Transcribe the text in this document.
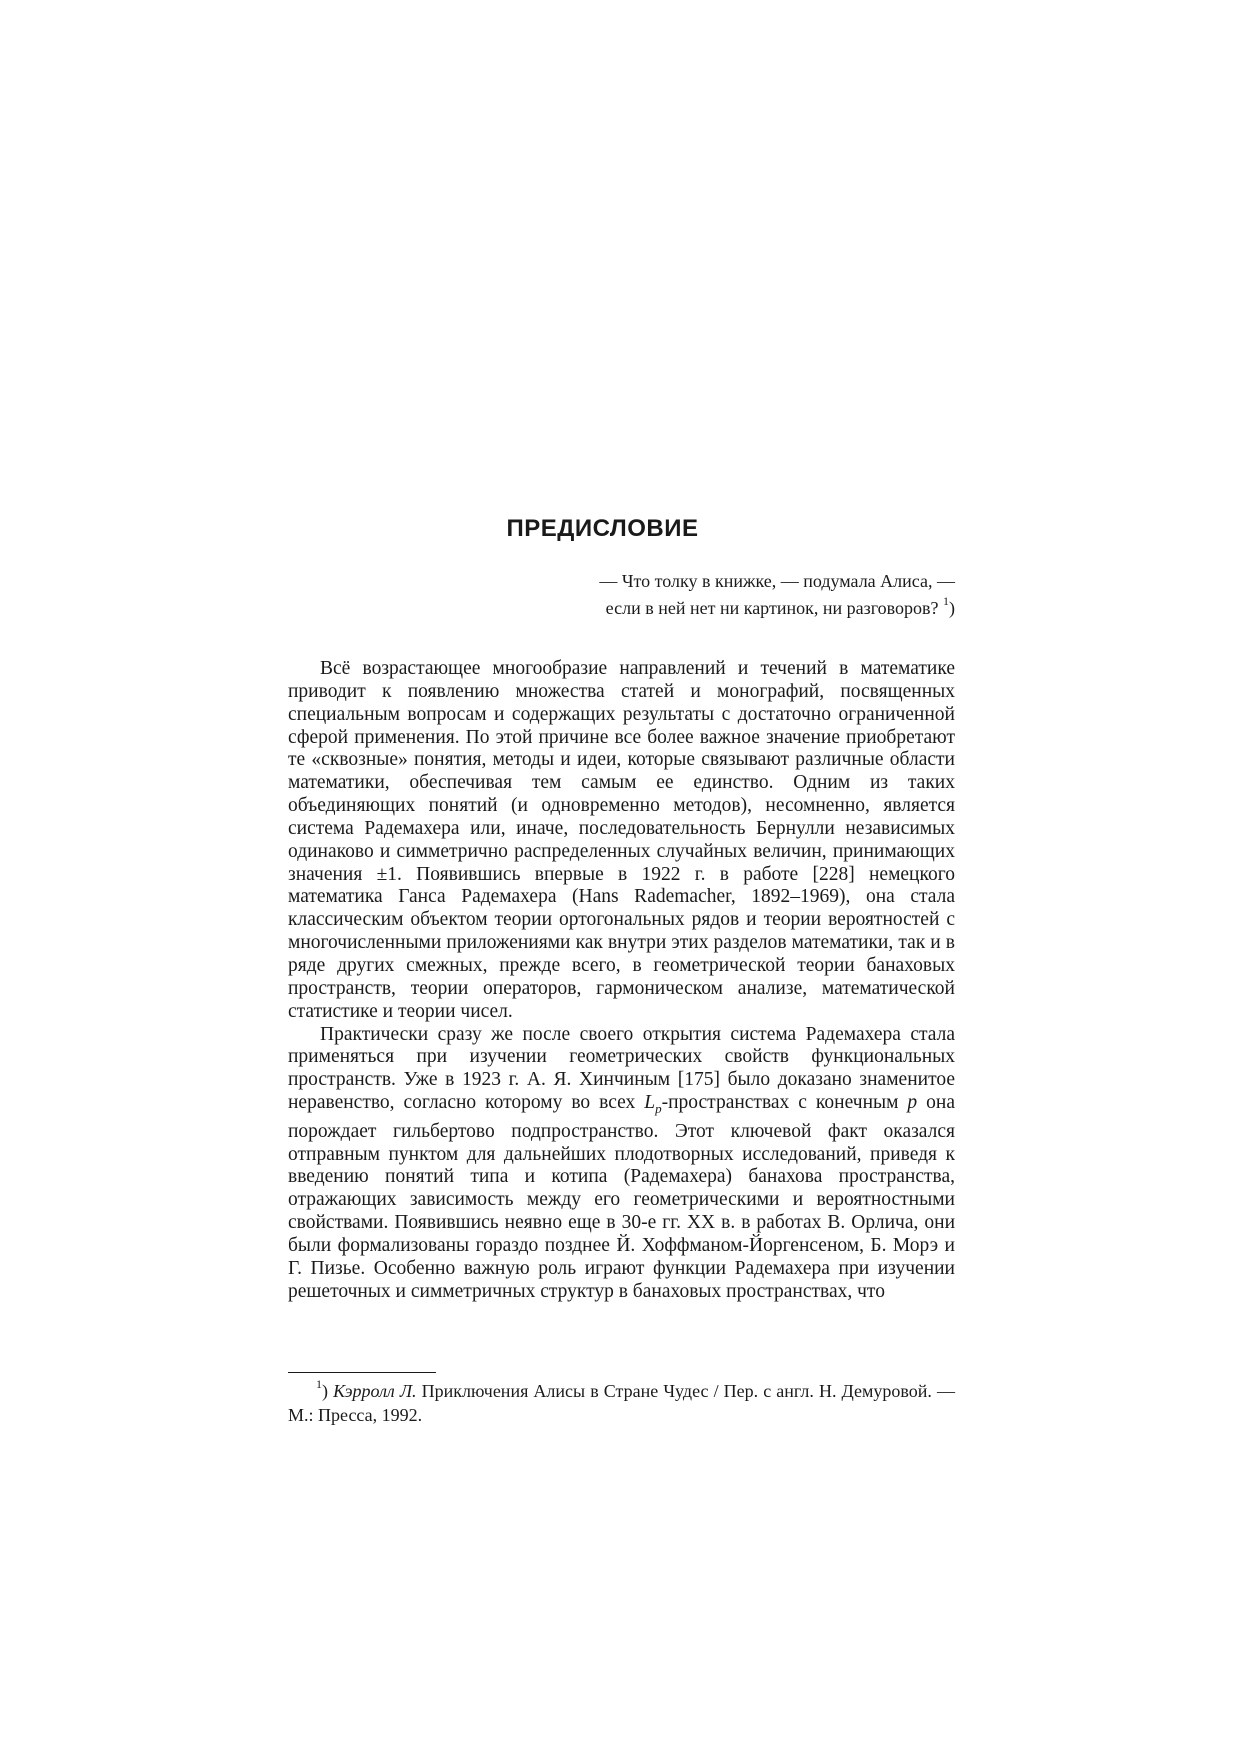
ПРЕДИСЛОВИЕ
— Что толку в книжке, — подумала Алиса, —
если в ней нет ни картинок, ни разговоров? $^1$)

Всё возрастающее многообразие направлений и течений в математике приводит к появлению множества статей и монографий, посвященных специальным вопросам и содержащих результаты с достаточно ограниченной сферой применения. По этой причине все более важное значение приобретают те «сквозные» понятия, методы и идеи, которые связывают различные области математики, обеспечивая тем самым ее единство. Одним из таких объединяющих понятий (и одновременно методов), несомненно, является система Радемахера или, иначе, последовательность Бернулли независимых одинаково и симметрично распределенных случайных величин, принимающих значения ±1. Появившись впервые в 1922 г. в работе [228] немецкого математика Ганса Радемахера (Hans Rademacher, 1892–1969), она стала классическим объектом теории ортогональных рядов и теории вероятностей с многочисленными приложениями как внутри этих разделов математики, так и в ряде других смежных, прежде всего, в геометрической теории банаховых пространств, теории операторов, гармоническом анализе, математической статистике и теории чисел.

Практически сразу же после своего открытия система Радемахера стала применяться при изучении геометрических свойств функциональных пространств. Уже в 1923 г. А. Я. Хинчиным [175] было доказано знаменитое неравенство, согласно которому во всех $L_p$-пространствах с конечным p она порождает гильбертово подпространство. Этот ключевой факт оказался отправным пунктом для дальнейших плодотворных исследований, приведя к введению понятий типа и котипа (Радемахера) банахова пространства, отражающих зависимость между его геометрическими и вероятностными свойствами. Появившись неявно еще в 30-е гг. XX в. в работах В. Орлича, они были формализованы гораздо позднее Й. Хоффманом-Йоргенсеном, Б. Морэ и Г. Пизье. Особенно важную роль играют функции Радемахера при изучении решеточных и симметричных структур в банаховых пространствах, что

$^1$) Кэрролл Л. Приключения Алисы в Стране Чудес / Пер. с англ. Н. Демуровой. — М.: Пресса, 1992.
